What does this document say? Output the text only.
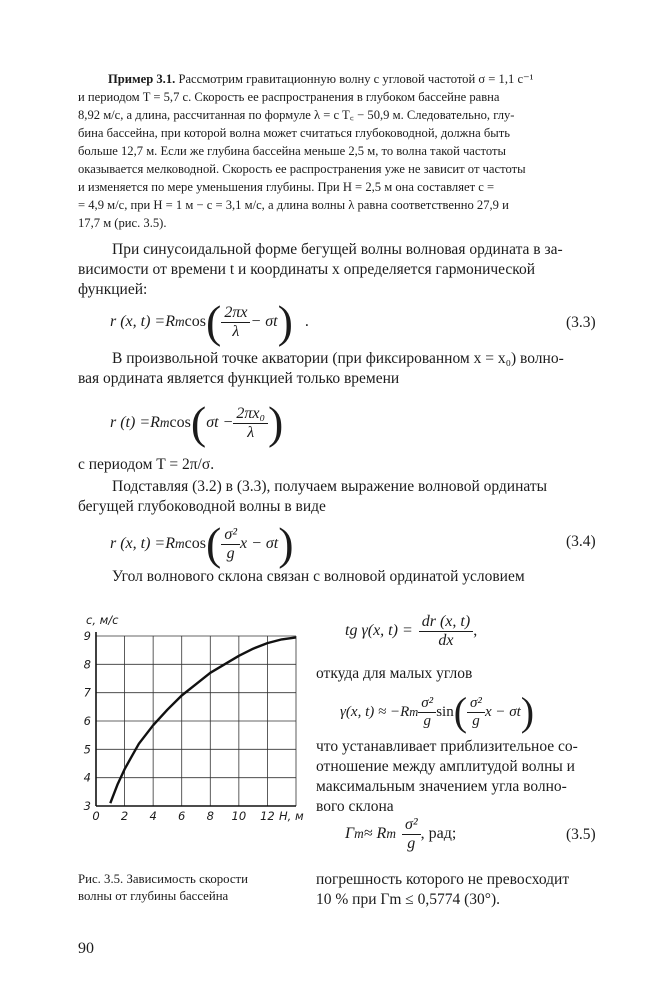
Пример 3.1. Рассмотрим гравитационную волну с угловой частотой σ = 1,1 с⁻¹
и периодом T = 5,7 с. Скорость ее распространения в глубоком бассейне равна
8,92 м/с, а длина, рассчитанная по формуле λ = c T꜀ − 50,9 м. Следовательно, глу-
бина бассейна, при которой волна может считаться глубоководной, должна быть
больше 12,7 м. Если же глубина бассейна меньше 2,5 м, то волна такой частоты
оказывается мелководной. Скорость ее распространения уже не зависит от частоты
и изменяется по мере уменьшения глубины. При H = 2,5 м она составляет c =
= 4,9 м/с, при H = 1 м − c = 3,1 м/с, а длина волны λ равна соответственно 27,9 и
17,7 м (рис. 3.5).
При синусоидальной форме бегущей волны волновая ордината в за-
висимости от времени t и координаты x определяется гармонической
функцией:
r (x, t) = R m cos ( $\frac{2\pi x}{\lambda} - \sigma t$ ) .	(3.3)
В произвольной точке акватории (при фиксированном x = x₀) волно-
вая ордината является функцией только времени
r (t) = R m cos ( $\sigma t - \frac{\text{2πx₀}}{\lambda}$ )
с периодом T = 2π/σ.
Подставляя (3.2) в (3.3), получаем выражение волновой ординаты
бегущей глубоководной волны в виде
r (x, t) = R m cos ( $\frac{\text{σ²}}{g}$ x − σt )	(3.4)
Угол волнового склона связан с волновой ординатой условием
0 2 4 6 8 10 12
3
4
5
6
7
8
9
c, м/с
H, м
Рис. 3.5. Зависимость скорости
волны от глубины бассейна
tg γ(x, $t) = \frac{dr (x, t)}{dx}$ ,
откуда для малых углов
γ(x, t) ≈ −R m $\frac{\text{σ²}}{g}$ sin ( $\frac{\text{σ²}}{g}$ x − σt )
что устанавливает приблизительное со-
отношение между амплитудой волны и
максимальным значением угла волно-
вого склона
Γ m ≈ R m $\frac{\text{σ²}}{g}$ , рад;	(3.5)
погрешность которого не превосходит
10 % при Γm ≤ 0,5774 (30°).
90
